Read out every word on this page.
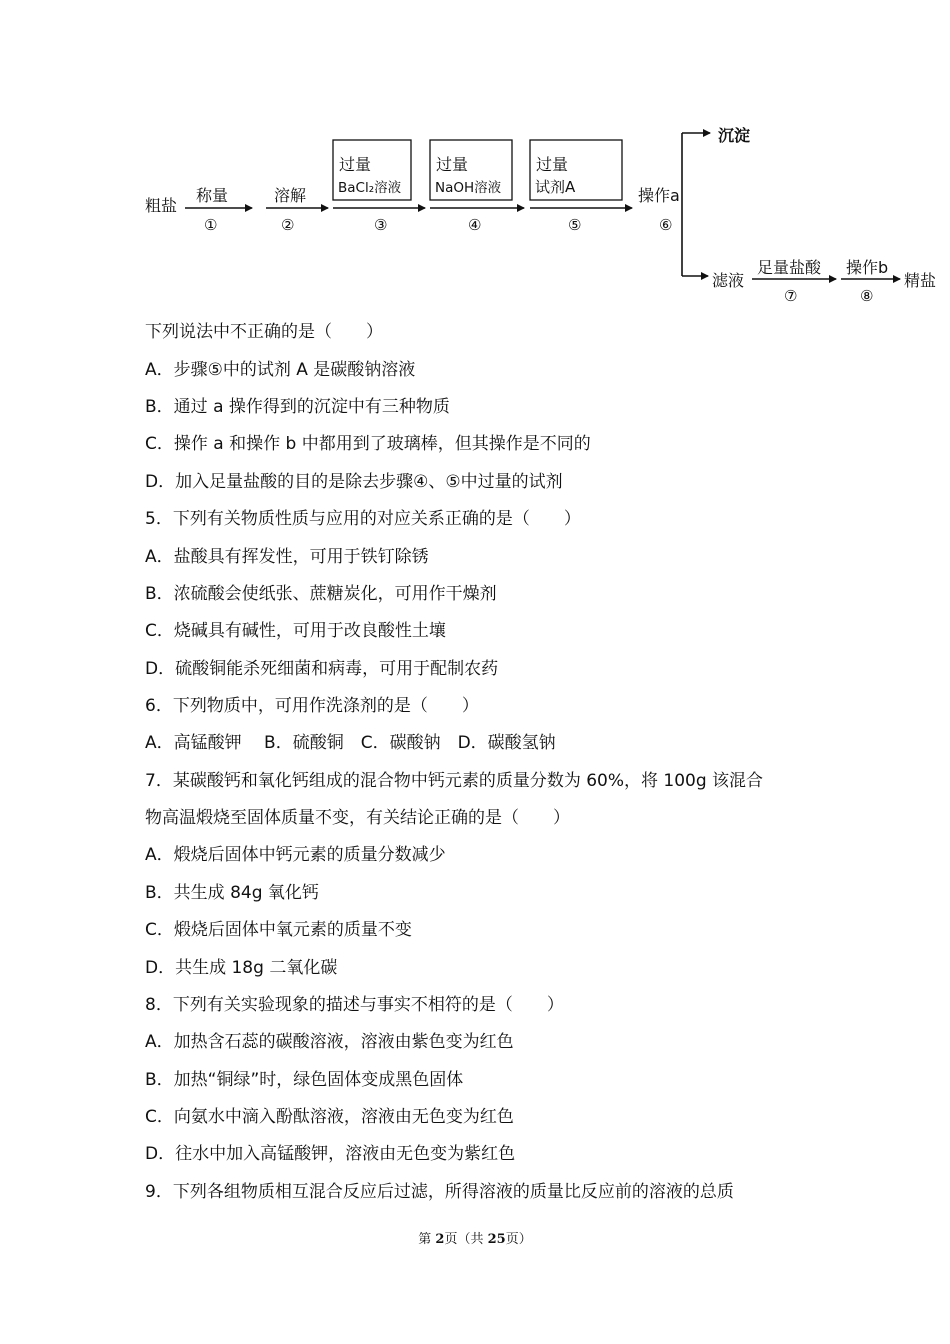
粗盐
称量
①
溶解
②
过量
BaCl₂溶液
③
过量
NaOH溶液
④
过量
试剂A
⑤
操作a
⑥
沉淀
滤液
足量盐酸
⑦
操作b
⑧
精盐
下列说法中不正确的是（　　）
A．步骤⑤中的试剂 A 是碳酸钠溶液
B．通过 a 操作得到的沉淀中有三种物质
C．操作 a 和操作 b 中都用到了玻璃棒，但其操作是不同的
D．加入足量盐酸的目的是除去步骤④、⑤中过量的试剂
5．下列有关物质性质与应用的对应关系正确的是（　　）
A．盐酸具有挥发性，可用于铁钉除锈
B．浓硫酸会使纸张、蔗糖炭化，可用作干燥剂
C．烧碱具有碱性，可用于改良酸性土壤
D．硫酸铜能杀死细菌和病毒，可用于配制农药
6．下列物质中，可用作洗涤剂的是（　　）
A．高锰酸钾　 B．硫酸铜　C．碳酸钠　D．碳酸氢钠
7．某碳酸钙和氧化钙组成的混合物中钙元素的质量分数为 60%，将 100g 该混合
物高温煅烧至固体质量不变，有关结论正确的是（　　）
A．煅烧后固体中钙元素的质量分数减少
B．共生成 84g 氧化钙
C．煅烧后固体中氧元素的质量不变
D．共生成 18g 二氧化碳
8．下列有关实验现象的描述与事实不相符的是（　　）
A．加热含石蕊的碳酸溶液，溶液由紫色变为红色
B．加热“铜绿”时，绿色固体变成黑色固体
C．向氨水中滴入酚酞溶液，溶液由无色变为红色
D．往水中加入高锰酸钾，溶液由无色变为紫红色
9．下列各组物质相互混合反应后过滤，所得溶液的质量比反应前的溶液的总质
第 2页（共 25页）
